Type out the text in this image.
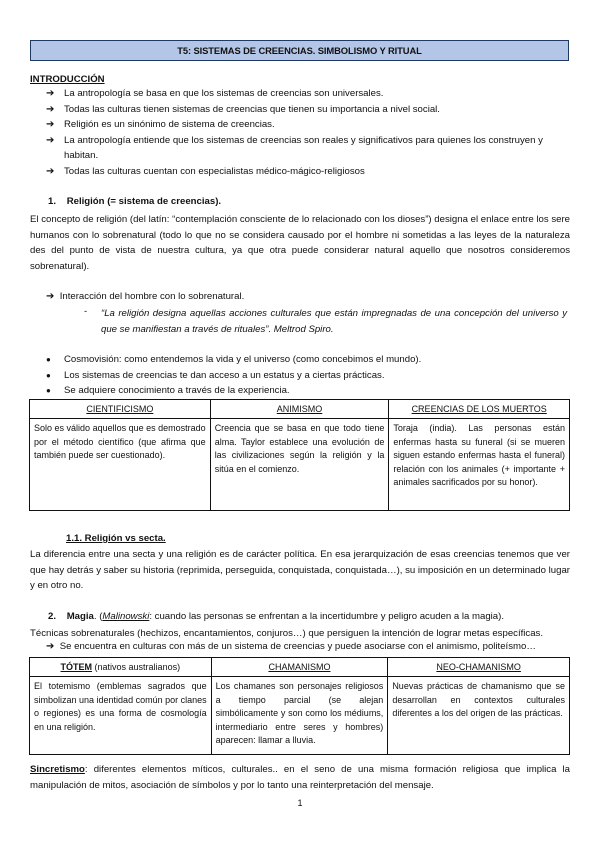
T5: SISTEMAS DE CREENCIAS. SIMBOLISMO Y RITUAL
INTRODUCCIÓN
➔ La antropología se basa en que los sistemas de creencias son universales.
➔ Todas las culturas tienen sistemas de creencias que tienen su importancia a nivel social.
➔ Religión es un sinónimo de sistema de creencias.
➔ La antropología entiende que los sistemas de creencias son reales y significativos para quienes los construyen y habitan.
➔ Todas las culturas cuentan con especialistas médico-mágico-religiosos
1. Religión (= sistema de creencias).

El concepto de religión (del latín: “contemplación consciente de lo relacionado con los dioses”) designa el enlace entre los sere humanos con lo sobrenatural (todo lo que no se considera causado por el hombre ni sometidas a las leyes de la naturaleza des del punto de vista de nuestra cultura, ya que otra puede considerar natural aquello que nosotros consideremos sobrenatural).

➔ Interacción del hombre con lo sobrenatural.
- “La religión designa aquellas acciones culturales que están impregnadas de una concepción del universo y que se manifiestan a través de rituales”. Meltrod Spiro.

● Cosmovisión: como entendemos la vida y el universo (como concebimos el mundo).
● Los sistemas de creencias te dan acceso a un estatus y a ciertas prácticas.
● Se adquiere conocimiento a través de la experiencia.
CIENTIFICISMO	ANIMISMO	CREENCIAS DE LOS MUERTOS
Solo es válido aquellos que es demostrado por el método científico (que afirma que también puede ser cuestionado).	Creencia que se basa en que todo tiene alma. Taylor establece una evolución de las civilizaciones según la religión y la sitúa en el comienzo.	Toraja (india). Las personas están enfermas hasta su funeral (si se mueren siguen estando enfermas hasta el funeral) relación con los animales (+ importante + animales sacrificados por su honor).
1.1. Religión vs secta.

La diferencia entre una secta y una religión es de carácter política. En esa jerarquización de esas creencias tenemos que ver que hay detrás y saber su historia (reprimida, perseguida, conquistada, conquistada…), su imposición en un determinado lugar y en otro no.

2. Magia. (Malinowski: cuando las personas se enfrentan a la incertidumbre y peligro acuden a la magia).

Técnicas sobrenaturales (hechizos, encantamientos, conjuros…) que persiguen la intención de lograr metas específicas.

➔ Se encuentra en culturas con más de un sistema de creencias y puede asociarse con el animismo, politeísmo…
TÓTEM (nativos australianos)	CHAMANISMO	NEO-CHAMANISMO
El totemismo (emblemas sagrados que simbolizan una identidad común por clanes o regiones) es una forma de cosmología en una religión.	Los chamanes son personajes religiosos a tiempo parcial (se alejan simbólicamente y son como los médiums, intermediario entre seres y hombres) aparecen: llamar a lluvia.	Nuevas prácticas de chamanismo que se desarrollan en contextos culturales diferentes a los del origen de las prácticas.

Sincretismo: diferentes elementos míticos, culturales.. en el seno de una misma formación religiosa que implica la manipulación de mitos, asociación de símbolos y por lo tanto una reinterpretación del mensaje.

1
